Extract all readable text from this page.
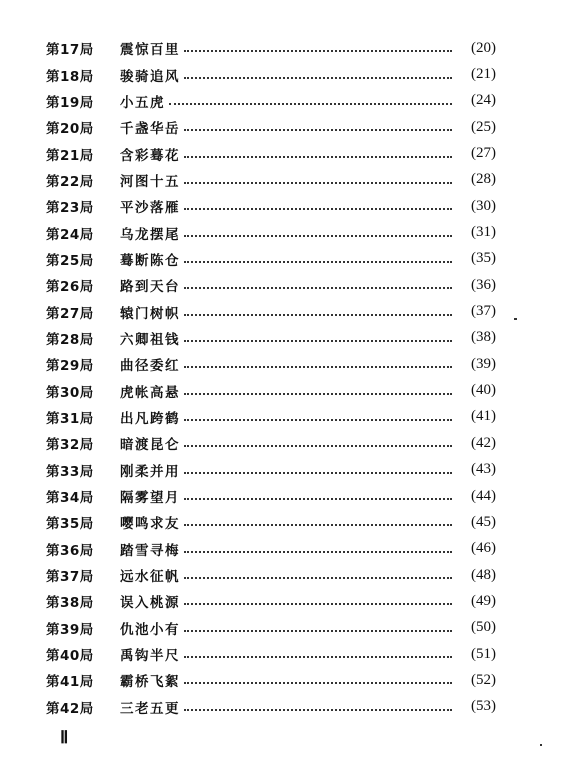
第17局	震惊百里	(20)
第18局	骏骑追风	(21)
第19局	小五虎	(24)
第20局	千盏华岳	(25)
第21局	含彩蓦花	(27)
第22局	河图十五	(28)
第23局	平沙落雁	(30)
第24局	乌龙摆尾	(31)
第25局	蓦断陈仓	(35)
第26局	路到天台	(36)
第27局	辕门树帜	(37)
第28局	六卿祖钱	(38)
第29局	曲径委红	(39)
第30局	虎帐高悬	(40)
第31局	出凡跨鹤	(41)
第32局	暗渡昆仑	(42)
第33局	刚柔并用	(43)
第34局	隔雾望月	(44)
第35局	嘤鸣求友	(45)
第36局	踏雪寻梅	(46)
第37局	远水征帆	(48)
第38局	误入桃源	(49)
第39局	仇池小有	(50)
第40局	禹钩半尺	(51)
第41局	霸桥飞絮	(52)
第42局	三老五更	(53)
Ⅱ
